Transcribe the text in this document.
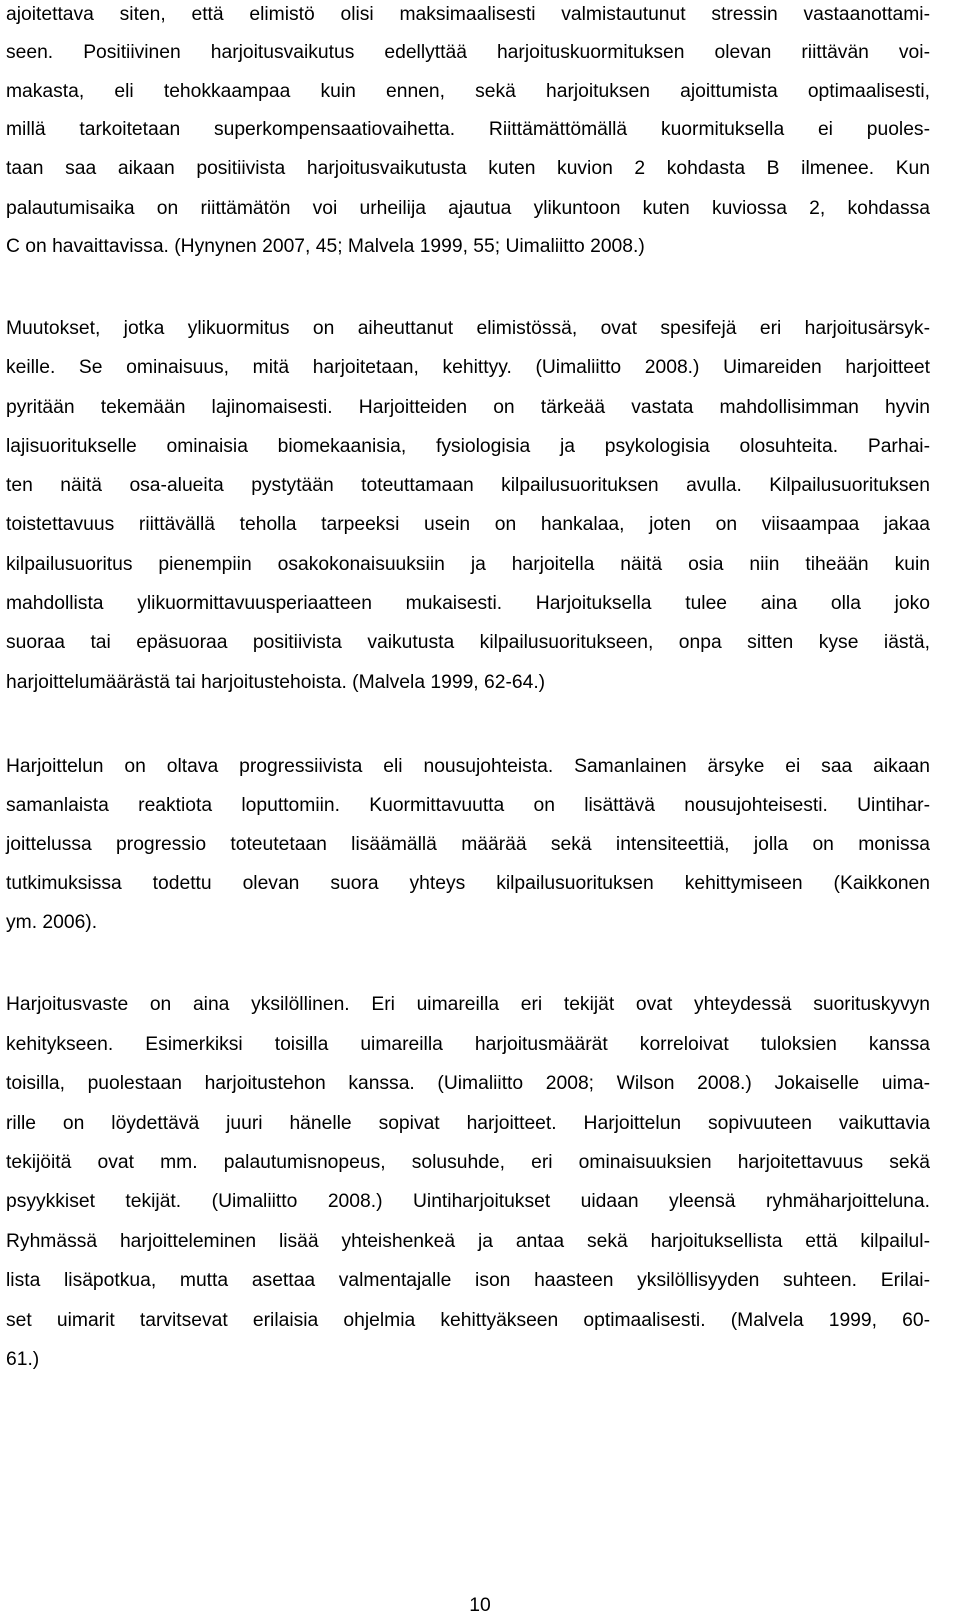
ajoitettava siten, että elimistö olisi maksimaalisesti valmistautunut stressin vastaanottami-
seen. Positiivinen harjoitusvaikutus edellyttää harjoituskuormituksen olevan riittävän voi-
makasta, eli tehokkaampaa kuin ennen, sekä harjoituksen ajoittumista optimaalisesti,
millä tarkoitetaan superkompensaatiovaihetta. Riittämättömällä kuormituksella ei puoles-
taan saa aikaan positiivista harjoitusvaikutusta kuten kuvion 2 kohdasta B ilmenee. Kun
palautumisaika on riittämätön voi urheilija ajautua ylikuntoon kuten kuviossa 2, kohdassa
C on havaittavissa. (Hynynen 2007, 45; Malvela 1999, 55; Uimaliitto 2008.)
Muutokset, jotka ylikuormitus on aiheuttanut elimistössä, ovat spesifejä eri harjoitusärsyk-
keille. Se ominaisuus, mitä harjoitetaan, kehittyy. (Uimaliitto 2008.) Uimareiden harjoitteet
pyritään tekemään lajinomaisesti. Harjoitteiden on tärkeää vastata mahdollisimman hyvin
lajisuoritukselle ominaisia biomekaanisia, fysiologisia ja psykologisia olosuhteita. Parhai-
ten näitä osa-alueita pystytään toteuttamaan kilpailusuorituksen avulla. Kilpailusuorituksen
toistettavuus riittävällä teholla tarpeeksi usein on hankalaa, joten on viisaampaa jakaa
kilpailusuoritus pienempiin osakokonaisuuksiin ja harjoitella näitä osia niin tiheään kuin
mahdollista ylikuormittavuusperiaatteen mukaisesti. Harjoituksella tulee aina olla joko
suoraa tai epäsuoraa positiivista vaikutusta kilpailusuoritukseen, onpa sitten kyse iästä,
harjoittelumäärästä tai harjoitustehoista. (Malvela 1999, 62-64.)
Harjoittelun on oltava progressiivista eli nousujohteista. Samanlainen ärsyke ei saa aikaan
samanlaista reaktiota loputtomiin. Kuormittavuutta on lisättävä nousujohteisesti. Uintihar-
joittelussa progressio toteutetaan lisäämällä määrää sekä intensiteettiä, jolla on monissa
tutkimuksissa todettu olevan suora yhteys kilpailusuorituksen kehittymiseen (Kaikkonen
ym. 2006).
Harjoitusvaste on aina yksilöllinen. Eri uimareilla eri tekijät ovat yhteydessä suorituskyvyn
kehitykseen. Esimerkiksi toisilla uimareilla harjoitusmäärät korreloivat tuloksien kanssa
toisilla, puolestaan harjoitustehon kanssa. (Uimaliitto 2008; Wilson 2008.) Jokaiselle uima-
rille on löydettävä juuri hänelle sopivat harjoitteet. Harjoittelun sopivuuteen vaikuttavia
tekijöitä ovat mm. palautumisnopeus, solusuhde, eri ominaisuuksien harjoitettavuus sekä
psyykkiset tekijät. (Uimaliitto 2008.) Uintiharjoitukset uidaan yleensä ryhmäharjoitteluna.
Ryhmässä harjoitteleminen lisää yhteishenkeä ja antaa sekä harjoituksellista että kilpailul-
lista lisäpotkua, mutta asettaa valmentajalle ison haasteen yksilöllisyyden suhteen. Erilai-
set uimarit tarvitsevat erilaisia ohjelmia kehittyäkseen optimaalisesti. (Malvela 1999, 60-
61.)
10
